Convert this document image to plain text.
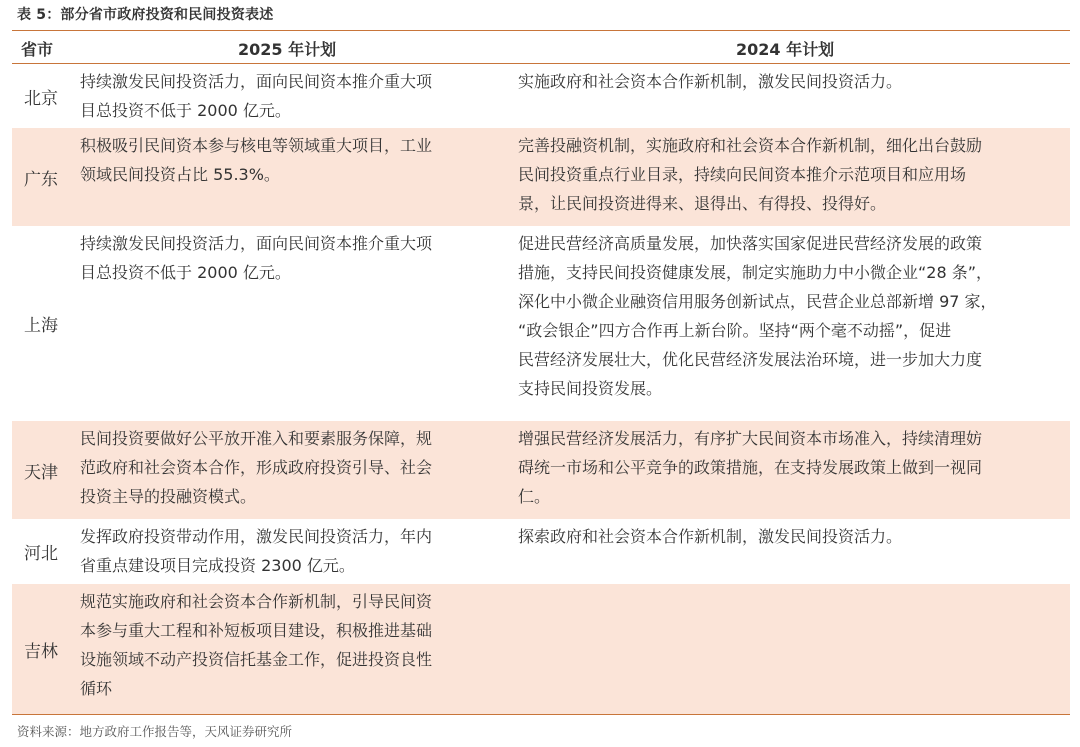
表 5：部分省市政府投资和民间投资表述
省市	2025 年计划	2024 年计划
北京
持续激发民间投资活力，面向民间资本推介重大项
目总投资不低于 2000 亿元。
实施政府和社会资本合作新机制，激发民间投资活力。
广东
积极吸引民间资本参与核电等领域重大项目，工业
领域民间投资占比 55.3%。
完善投融资机制，实施政府和社会资本合作新机制，细化出台鼓励
民间投资重点行业目录，持续向民间资本推介示范项目和应用场
景，让民间投资进得来、退得出、有得投、投得好。
上海
持续激发民间投资活力，面向民间资本推介重大项
目总投资不低于 2000 亿元。
促进民营经济高质量发展，加快落实国家促进民营经济发展的政策
措施，支持民间投资健康发展，制定实施助力中小微企业“28 条”，
深化中小微企业融资信用服务创新试点，民营企业总部新增 97 家，
“政会银企”四方合作再上新台阶。坚持“两个毫不动摇”，促进
民营经济发展壮大，优化民营经济发展法治环境，进一步加大力度
支持民间投资发展。
天津
民间投资要做好公平放开准入和要素服务保障，规
范政府和社会资本合作，形成政府投资引导、社会
投资主导的投融资模式。
增强民营经济发展活力，有序扩大民间资本市场准入，持续清理妨
碍统一市场和公平竞争的政策措施，在支持发展政策上做到一视同
仁。
河北
发挥政府投资带动作用，激发民间投资活力，年内
省重点建设项目完成投资 2300 亿元。
探索政府和社会资本合作新机制，激发民间投资活力。
吉林
规范实施政府和社会资本合作新机制，引导民间资
本参与重大工程和补短板项目建设，积极推进基础
设施领域不动产投资信托基金工作，促进投资良性
循环
资料来源：地方政府工作报告等，天风证券研究所
